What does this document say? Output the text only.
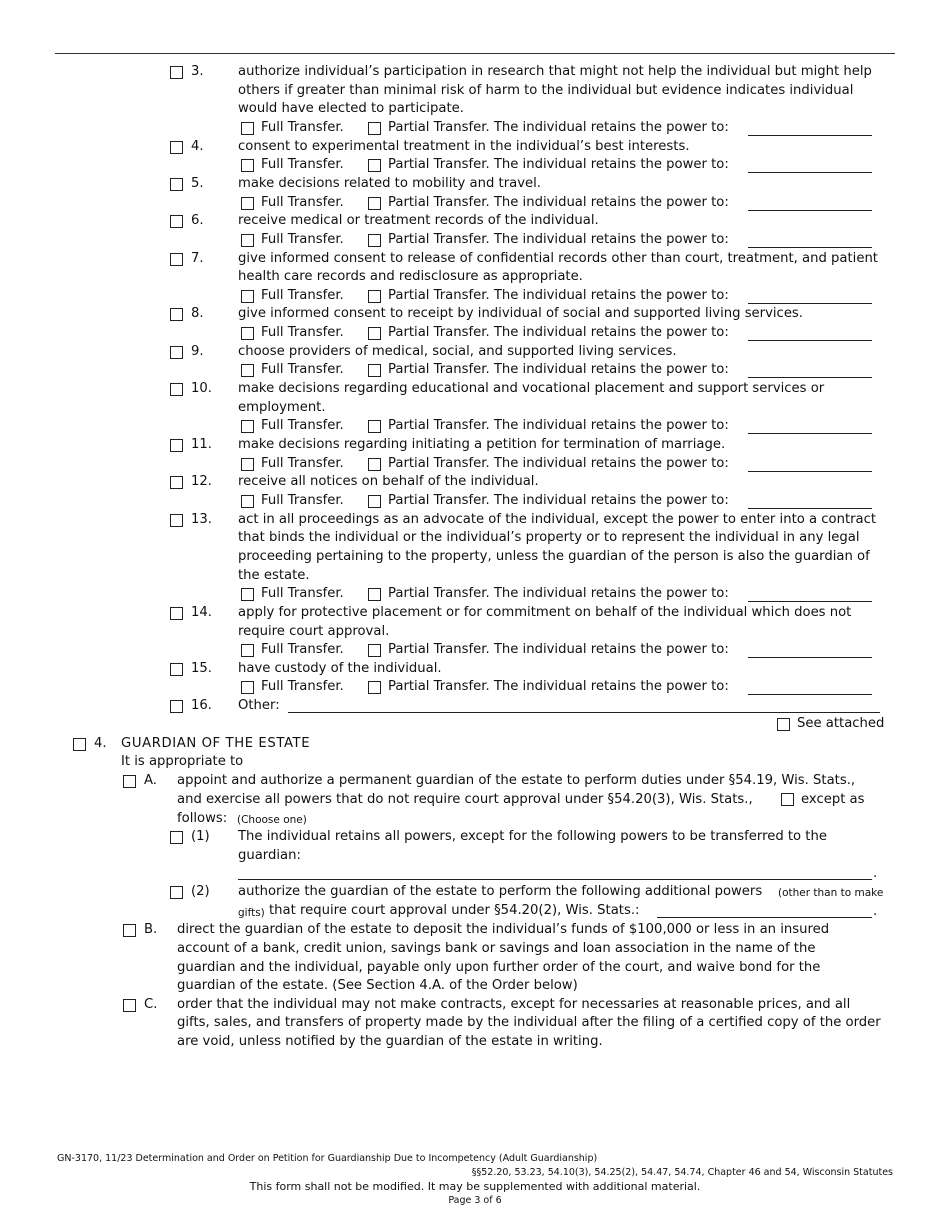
3.	authorize individual’s participation in research that might not help the individual but might help
others if greater than minimal risk of harm to the individual but evidence indicates individual
would have elected to participate.
Full Transfer.	Partial Transfer. The individual retains the power to:
4.	consent to experimental treatment in the individual’s best interests.
Full Transfer.	Partial Transfer. The individual retains the power to:
5.	make decisions related to mobility and travel.
Full Transfer.	Partial Transfer. The individual retains the power to:
6.	receive medical or treatment records of the individual.
Full Transfer.	Partial Transfer. The individual retains the power to:
7.	give informed consent to release of confidential records other than court, treatment, and patient
health care records and redisclosure as appropriate.
Full Transfer.	Partial Transfer. The individual retains the power to:
8.	give informed consent to receipt by individual of social and supported living services.
Full Transfer.	Partial Transfer. The individual retains the power to:
9.	choose providers of medical, social, and supported living services.
Full Transfer.	Partial Transfer. The individual retains the power to:
10. make decisions regarding educational and vocational placement and support services or
employment.
Full Transfer.	Partial Transfer. The individual retains the power to:
11. make decisions regarding initiating a petition for termination of marriage.
Full Transfer.	Partial Transfer. The individual retains the power to:
12. receive all notices on behalf of the individual.
Full Transfer.	Partial Transfer. The individual retains the power to:
13. act in all proceedings as an advocate of the individual, except the power to enter into a contract
that binds the individual or the individual’s property or to represent the individual in any legal
proceeding pertaining to the property, unless the guardian of the person is also the guardian of
the estate.
Full Transfer.	Partial Transfer. The individual retains the power to:
14. apply for protective placement or for commitment on behalf of the individual which does not
require court approval.
Full Transfer.	Partial Transfer. The individual retains the power to:
15. have custody of the individual.
Full Transfer.	Partial Transfer. The individual retains the power to:
16. Other:
See attached
4. GUARDIAN OF THE ESTATE
It is appropriate to
A. appoint and authorize a permanent guardian of the estate to perform duties under §54.19, Wis. Stats.,
and exercise all powers that do not require court approval under §54.20(3), Wis. Stats.,	except as
follows: (Choose one)
(1) The individual retains all powers, except for the following powers to be transferred to the
guardian:
.
(2) authorize the guardian of the estate to perform the following additional powers (other than to make
gifts) that require court approval under §54.20(2), Wis. Stats.:	.
B. direct the guardian of the estate to deposit the individual’s funds of $100,000 or less in an insured
account of a bank, credit union, savings bank or savings and loan association in the name of the
guardian and the individual, payable only upon further order of the court, and waive bond for the
guardian of the estate. (See Section 4.A. of the Order below)
C. order that the individual may not make contracts, except for necessaries at reasonable prices, and all
gifts, sales, and transfers of property made by the individual after the filing of a certified copy of the order
are void, unless notified by the guardian of the estate in writing.
GN-3170, 11/23 Determination and Order on Petition for Guardianship Due to Incompetency (Adult Guardianship)
§§52.20, 53.23, 54.10(3), 54.25(2), 54.47, 54.74, Chapter 46 and 54, Wisconsin Statutes
This form shall not be modified. It may be supplemented with additional material.
Page 3 of 6
